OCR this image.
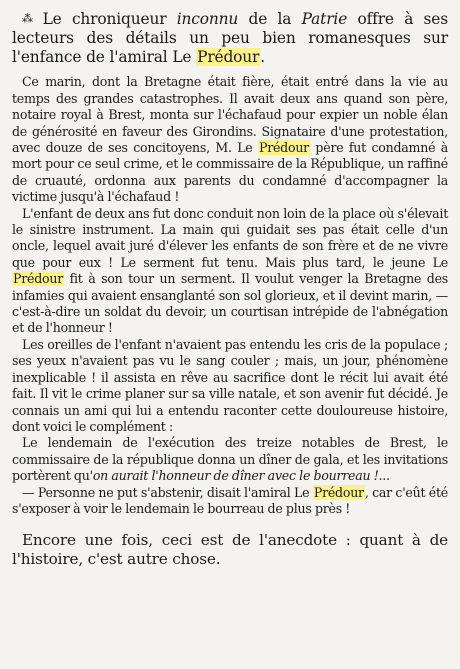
⁂ Le chroniqueur inconnu de la Patrie offre à ses lecteurs des détails un peu bien romanesques sur l'enfance de l'amiral Le Prédour.

Ce marin, dont la Bretagne était fière, était entré dans la vie au temps des grandes catastrophes. Il avait deux ans quand son père, notaire royal à Brest, monta sur l'échafaud pour expier un noble élan de générosité en faveur des Girondins. Signataire d'une protestation, avec douze de ses concitoyens, M. Le Prédour père fut condamné à mort pour ce seul crime, et le commissaire de la République, un raffiné de cruauté, ordonna aux parents du condamné d'accompagner la victime jusqu'à l'échafaud !

L'enfant de deux ans fut donc conduit non loin de la place où s'élevait le sinistre instrument. La main qui guidait ses pas était celle d'un oncle, lequel avait juré d'élever les enfants de son frère et de ne vivre que pour eux ! Le serment fut tenu. Mais plus tard, le jeune Le Prédour fit à son tour un serment. Il voulut venger la Bretagne des infamies qui avaient ensanglanté son sol glorieux, et il devint marin, — c'est-à-dire un soldat du devoir, un courtisan intrépide de l'abnégation et de l'honneur !

Les oreilles de l'enfant n'avaient pas entendu les cris de la populace ; ses yeux n'avaient pas vu le sang couler ; mais, un jour, phénomène inexplicable ! il assista en rêve au sacrifice dont le récit lui avait été fait. Il vit le crime planer sur sa ville natale, et son avenir fut décidé. Je connais un ami qui lui a entendu raconter cette douloureuse histoire, dont voici le complément :

Le lendemain de l'exécution des treize notables de Brest, le commissaire de la république donna un dîner de gala, et les invitations portèrent qu'on aurait l'honneur de dîner avec le bourreau !...

— Personne ne put s'abstenir, disait l'amiral Le Prédour, car c'eût été s'exposer à voir le lendemain le bourreau de plus près !

Encore une fois, ceci est de l'anecdote : quant à de l'histoire, c'est autre chose.
